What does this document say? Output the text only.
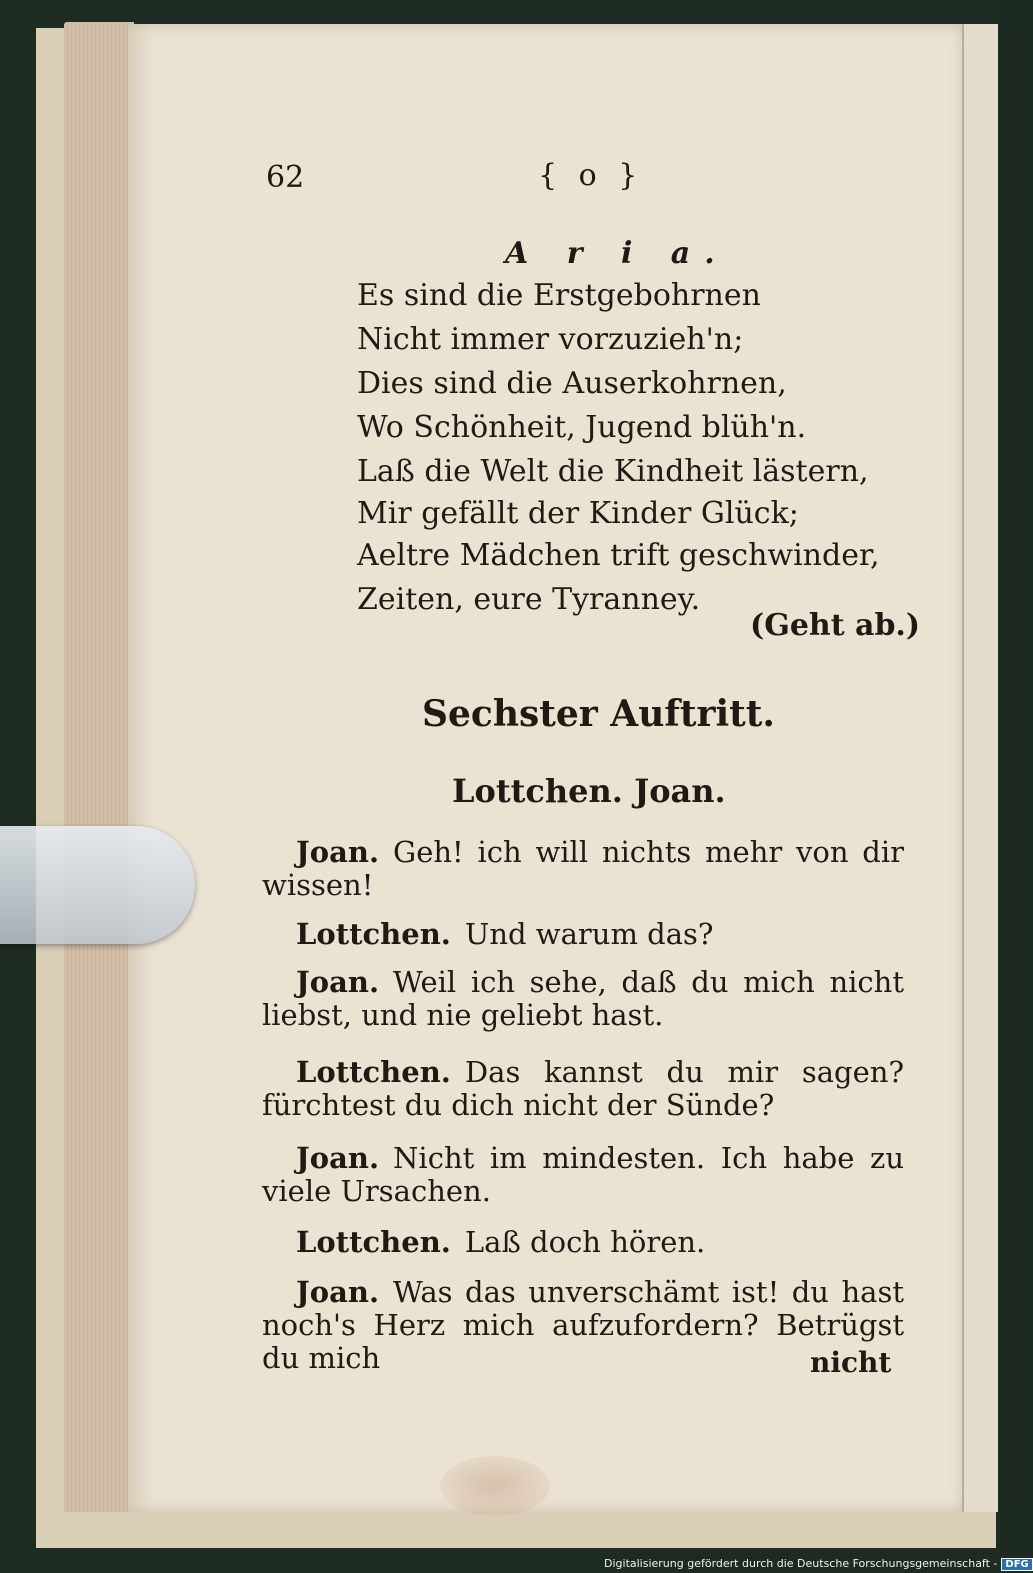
62	{ o }
A r i a.
Es sind die Erstgebohrnen
Nicht immer vorzuzieh'n;
Dies sind die Auserkohrnen,
Wo Schönheit, Jugend blüh'n.
Laß die Welt die Kindheit lästern,
Mir gefällt der Kinder Glück;
Aeltre Mädchen trift geschwinder,
Zeiten, eure Tyranney.
(Geht ab.)
Sechster Auftritt.
Lottchen. Joan.
Joan. Geh! ich will nichts mehr von dir wissen!
Lottchen. Und warum das?
Joan. Weil ich sehe, daß du mich nicht liebst, und nie geliebt hast.
Lottchen. Das kannst du mir sagen? fürchtest du dich nicht der Sünde?
Joan. Nicht im mindesten. Ich habe zu viele Ursachen.
Lottchen. Laß doch hören.
Joan. Was das unverschämt ist! du hast noch's Herz mich aufzufordern? Betrügst du mich	nicht
Digitalisierung gefördert durch die Deutsche Forschungsgemeinschaft - DFG
